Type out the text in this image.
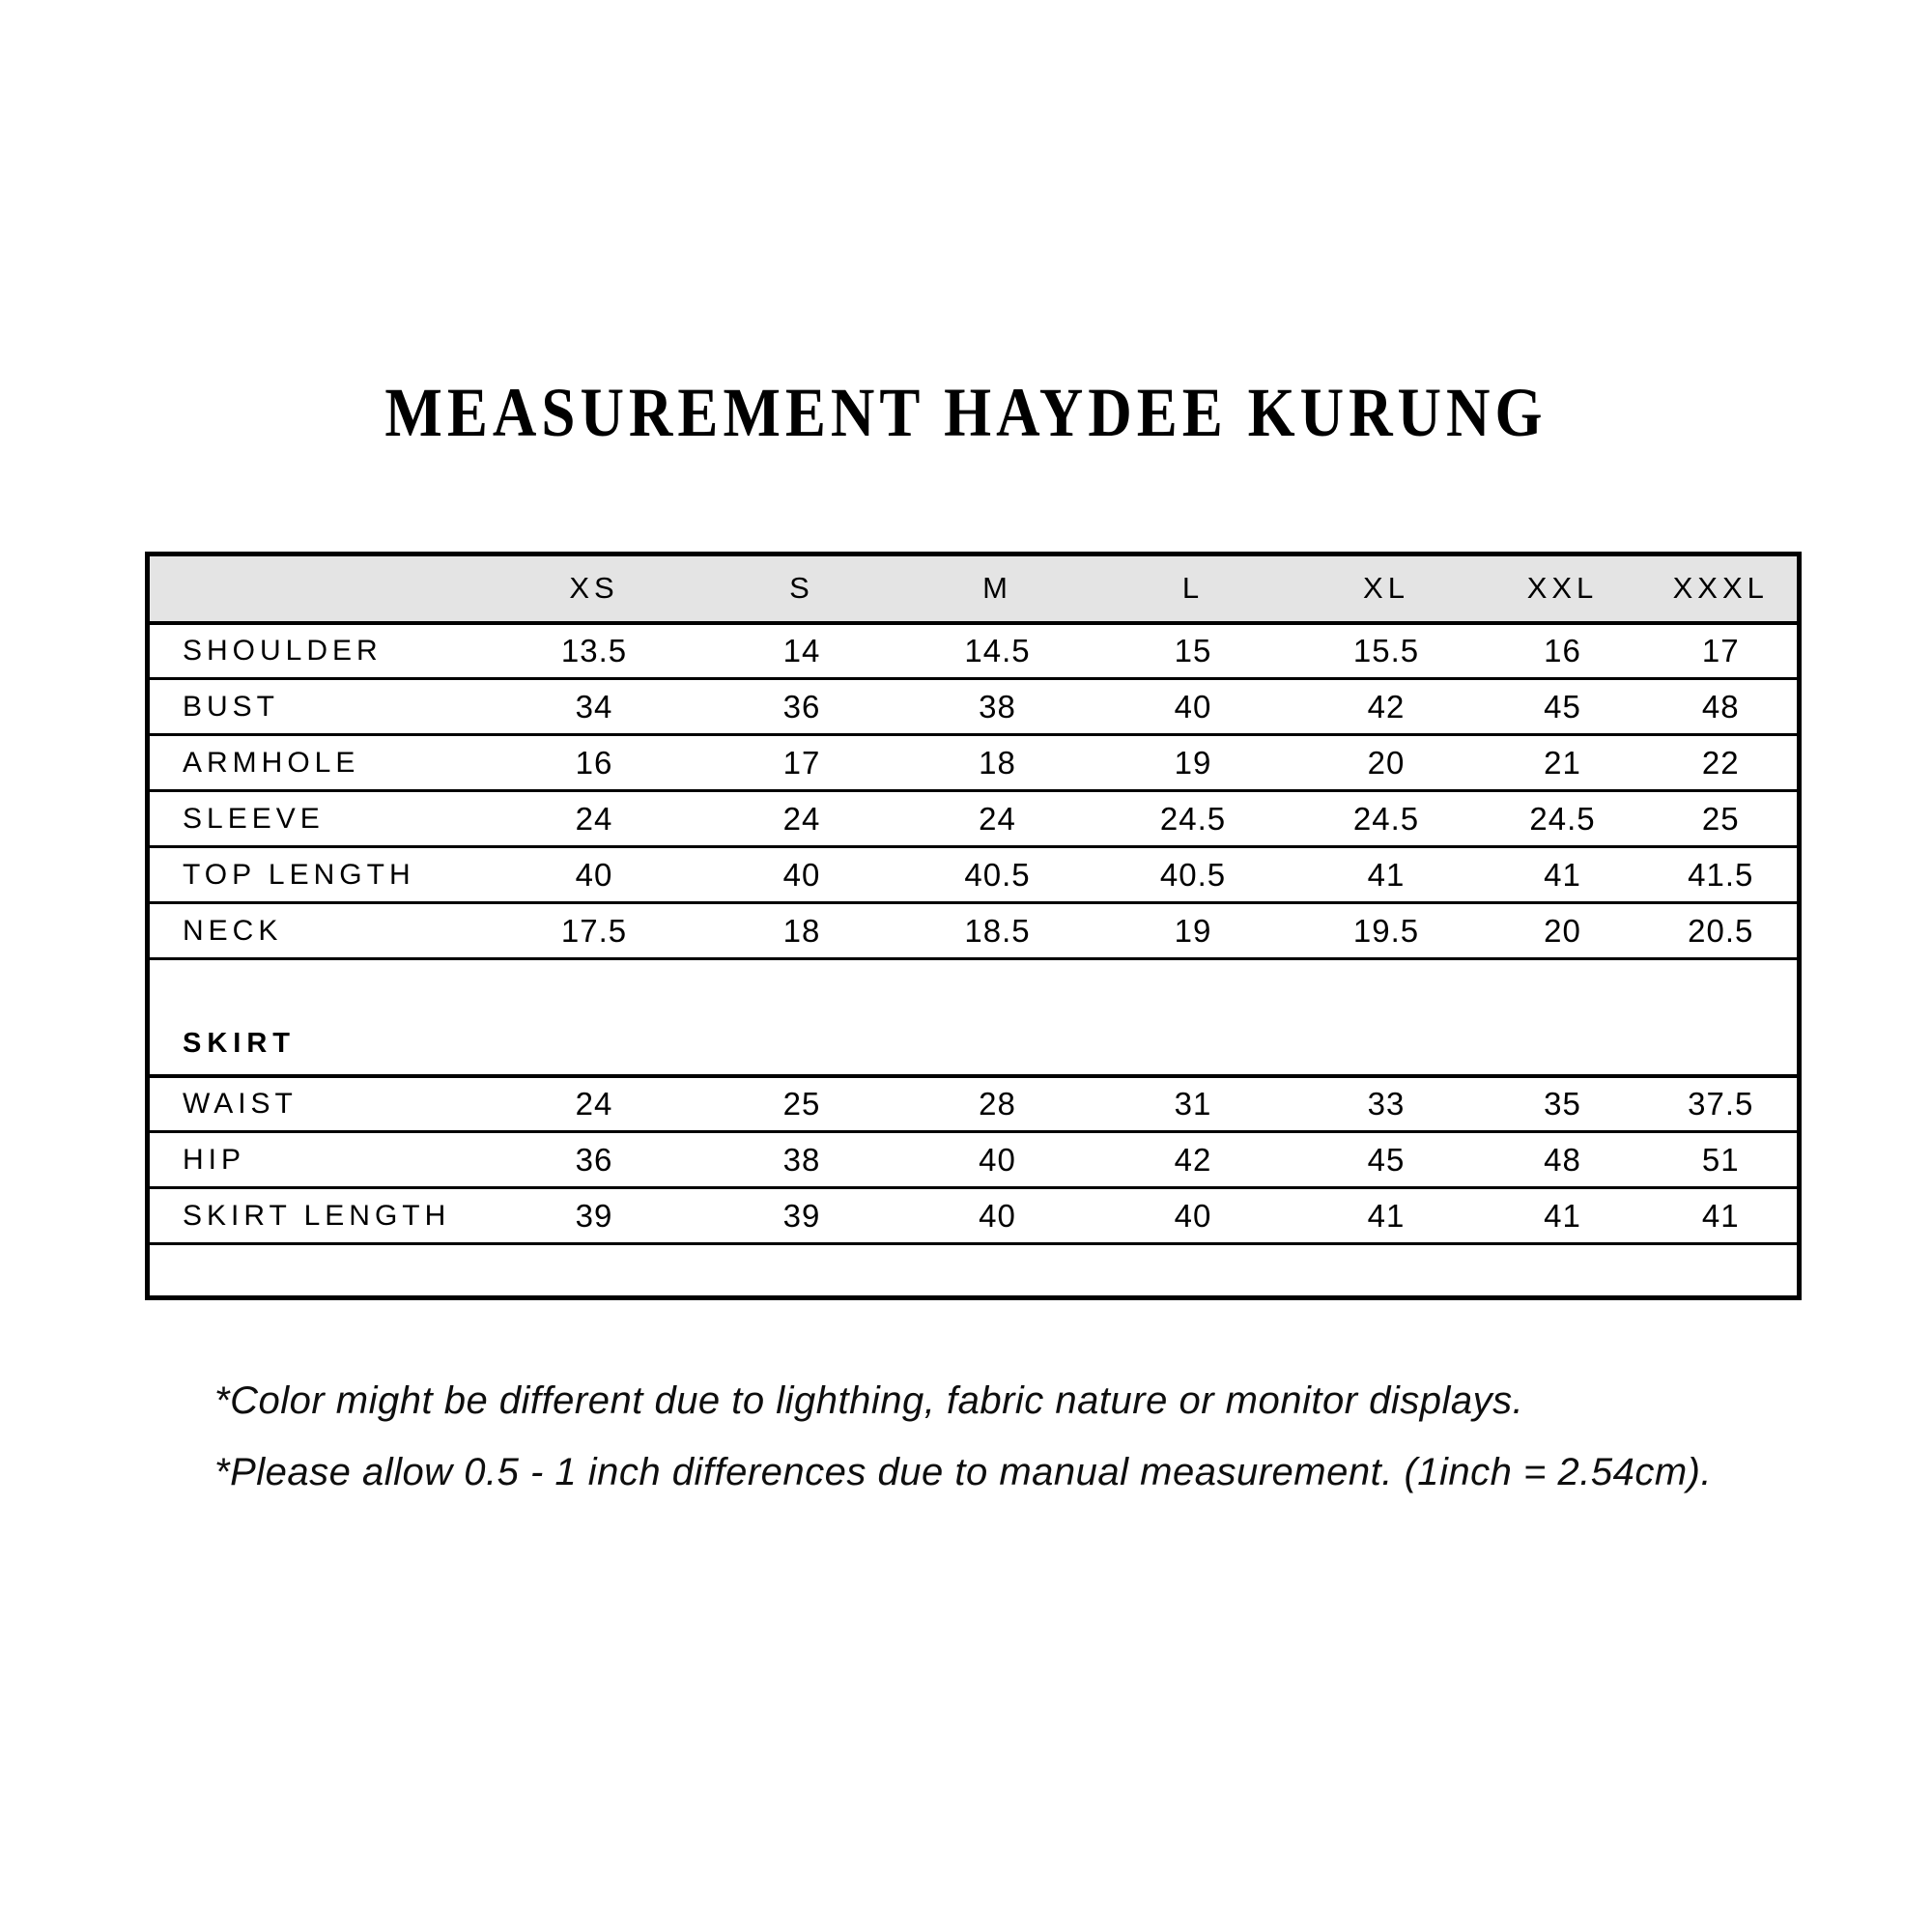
MEASUREMENT HAYDEE KURUNG
	XS	S	M	L	XL	XXL	XXXL
SHOULDER	13.5	14	14.5	15	15.5	16	17
BUST	34	36	38	40	42	45	48
ARMHOLE	16	17	18	19	20	21	22
SLEEVE	24	24	24	24.5	24.5	24.5	25
TOP LENGTH	40	40	40.5	40.5	41	41	41.5
NECK	17.5	18	18.5	19	19.5	20	20.5
SKIRT							
WAIST	24	25	28	31	33	35	37.5
HIP	36	38	40	42	45	48	51
SKIRT LENGTH	39	39	40	40	41	41	41

*Color might be different due to lighthing, fabric nature or monitor displays.

*Please allow 0.5 - 1 inch differences due to manual measurement. (1inch = 2.54cm).
